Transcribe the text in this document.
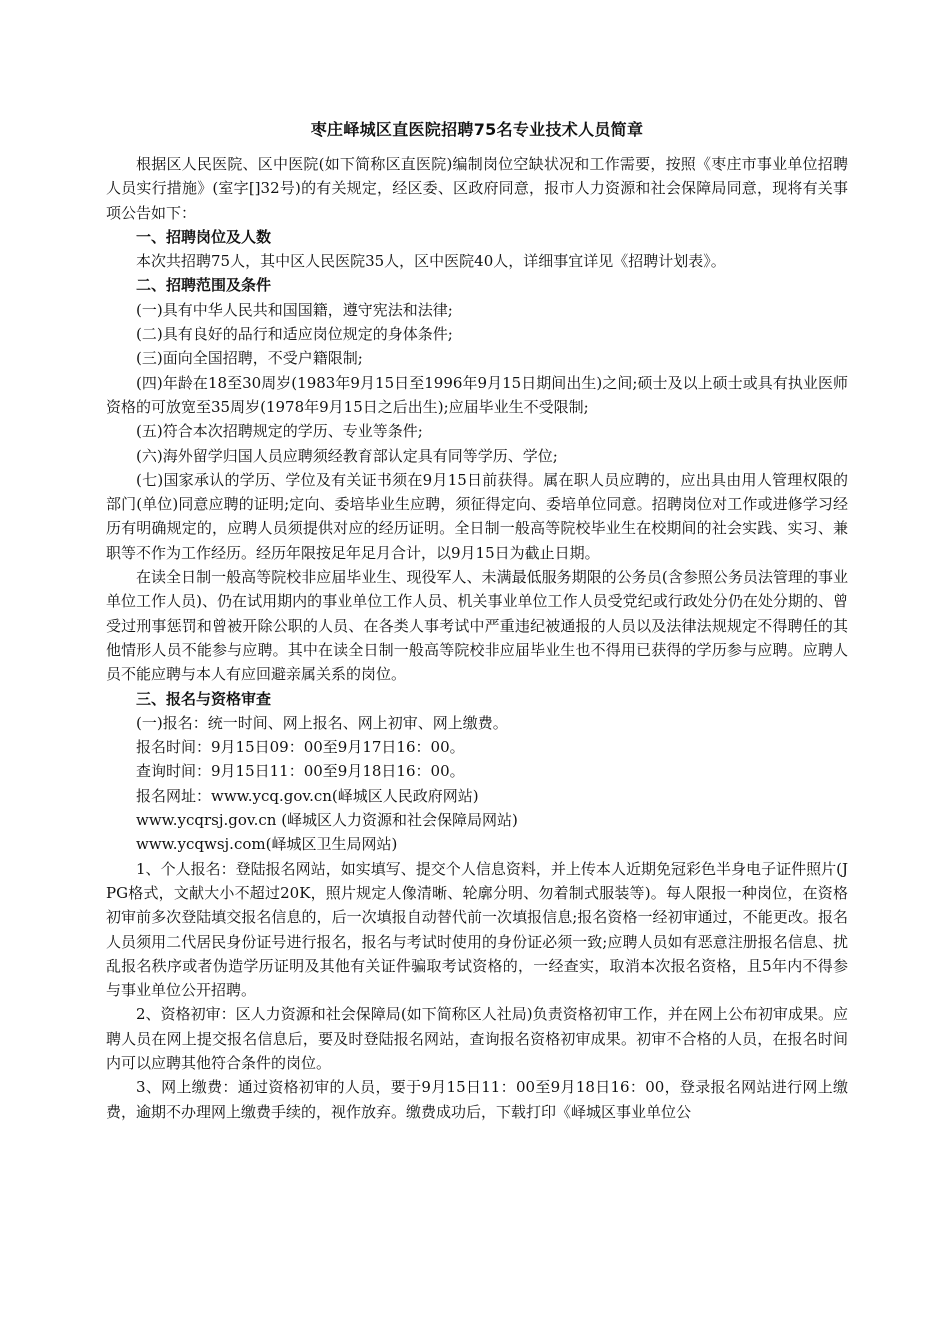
枣庄峄城区直医院招聘75名专业技术人员简章

根据区人民医院、区中医院(如下简称区直医院)编制岗位空缺状况和工作需要，按照《枣庄市事业单位招聘人员实行措施》(室字[]32号)的有关规定，经区委、区政府同意，报市人力资源和社会保障局同意，现将有关事项公告如下：

一、招聘岗位及人数

本次共招聘75人，其中区人民医院35人，区中医院40人，详细事宜详见《招聘计划表》。

二、招聘范围及条件

(一)具有中华人民共和国国籍，遵守宪法和法律;

(二)具有良好的品行和适应岗位规定的身体条件;

(三)面向全国招聘，不受户籍限制;

(四)年龄在18至30周岁(1983年9月15日至1996年9月15日期间出生)之间;硕士及以上硕士或具有执业医师资格的可放宽至35周岁(1978年9月15日之后出生);应届毕业生不受限制;

(五)符合本次招聘规定的学历、专业等条件;

(六)海外留学归国人员应聘须经教育部认定具有同等学历、学位;

(七)国家承认的学历、学位及有关证书须在9月15日前获得。属在职人员应聘的，应出具由用人管理权限的部门(单位)同意应聘的证明;定向、委培毕业生应聘，须征得定向、委培单位同意。招聘岗位对工作或进修学习经历有明确规定的，应聘人员须提供对应的经历证明。全日制一般高等院校毕业生在校期间的社会实践、实习、兼职等不作为工作经历。经历年限按足年足月合计，以9月15日为截止日期。

在读全日制一般高等院校非应届毕业生、现役军人、未满最低服务期限的公务员(含参照公务员法管理的事业单位工作人员)、仍在试用期内的事业单位工作人员、机关事业单位工作人员受党纪或行政处分仍在处分期的、曾受过刑事惩罚和曾被开除公职的人员、在各类人事考试中严重违纪被通报的人员以及法律法规规定不得聘任的其他情形人员不能参与应聘。其中在读全日制一般高等院校非应届毕业生也不得用已获得的学历参与应聘。应聘人员不能应聘与本人有应回避亲属关系的岗位。

三、报名与资格审查

(一)报名：统一时间、网上报名、网上初审、网上缴费。

报名时间：9月15日09：00至9月17日16：00。

查询时间：9月15日11：00至9月18日16：00。

报名网址：www.ycq.gov.cn(峄城区人民政府网站)

www.ycqrsj.gov.cn (峄城区人力资源和社会保障局网站)

www.ycqwsj.com(峄城区卫生局网站)

1、个人报名：登陆报名网站，如实填写、提交个人信息资料，并上传本人近期免冠彩色半身电子证件照片(JPG格式，文献大小不超过20K，照片规定人像清晰、轮廓分明、勿着制式服装等)。每人限报一种岗位，在资格初审前多次登陆填交报名信息的，后一次填报自动替代前一次填报信息;报名资格一经初审通过，不能更改。报名人员须用二代居民身份证号进行报名，报名与考试时使用的身份证必须一致;应聘人员如有恶意注册报名信息、扰乱报名秩序或者伪造学历证明及其他有关证件骗取考试资格的，一经查实，取消本次报名资格，且5年内不得参与事业单位公开招聘。

2、资格初审：区人力资源和社会保障局(如下简称区人社局)负责资格初审工作，并在网上公布初审成果。应聘人员在网上提交报名信息后，要及时登陆报名网站，查询报名资格初审成果。初审不合格的人员，在报名时间内可以应聘其他符合条件的岗位。

3、网上缴费：通过资格初审的人员，要于9月15日11：00至9月18日16：00，登录报名网站进行网上缴费，逾期不办理网上缴费手续的，视作放弃。缴费成功后，下载打印《峄城区事业单位公
